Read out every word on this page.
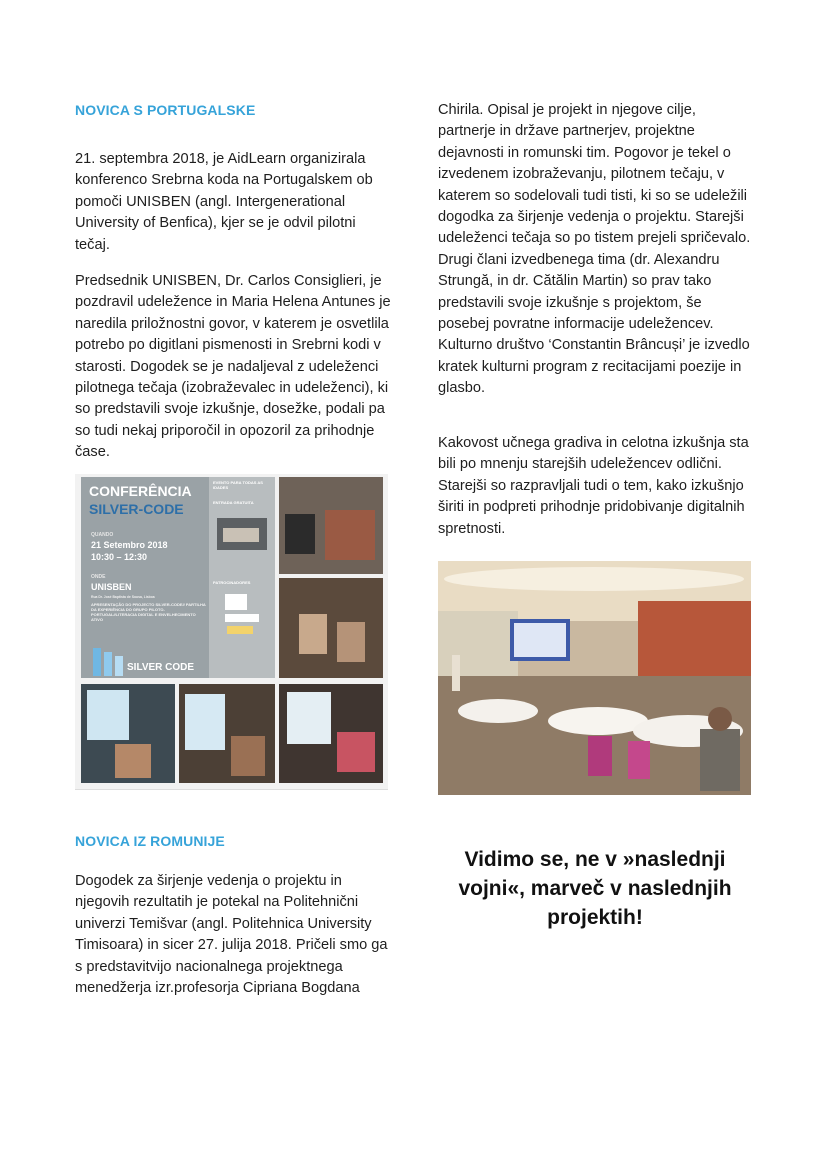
NOVICA S PORTUGALSKE

21. septembra 2018, je AidLearn organizirala konferenco Srebrna koda na Portugalskem ob pomoči UNISBEN (angl. Intergenerational University of Benfica), kjer se je odvil pilotni tečaj.

Predsednik UNISBEN, Dr. Carlos Consiglieri, je pozdravil udeležence in Maria Helena Antunes je naredila priložnostni govor, v katerem je osvetlila potrebo po digitlani pismenosti in Srebrni kodi v starosti. Dogodek se je nadaljeval z udeleženci pilotnega tečaja (izobraževalec in udeleženci), ki so predstavili svoje izkušnje, dosežke, podali pa so tudi nekaj priporočil in opozoril za prihodnje čase.

CONFERÊNCIA
SILVER-CODE
QUANDO
21 Setembro 2018
10:30 – 12:30
ONDE
UNISBEN
Rua Dr. José Baptista de Sousa, Lisboa
APRESENTAÇÃO DO PROJECTO SILVER-CODE// PARTILHA DA EXPERIÊNCIA DO GRUPO PILOTO-PORTUGAL//LITERACIA DIGITAL E ENVELHECIMENTO ATIVO
SILVER CODE
EVENTO PARA TODAS AS IDADES
ENTRADA GRATUITA
PATROCINADORES
NOVICA IZ ROMUNIJE

Dogodek za širjenje vedenja o projektu in njegovih rezultatih je potekal na Politehnični univerzi Temišvar (angl. Politehnica University Timisoara) in sicer 27. julija 2018. Pričeli smo ga s predstavitvijo nacionalnega projektnega menedžerja izr.profesorja Cipriana Bogdana

Chirila. Opisal je projekt in njegove cilje, partnerje in države partnerjev, projektne dejavnosti in romunski tim. Pogovor je tekel o izvedenem izobraževanju, pilotnem tečaju, v katerem so sodelovali tudi tisti, ki so se udeležili dogodka za širjenje vedenja o projektu. Starejši udeleženci tečaja so po tistem prejeli spričevalo. Drugi člani izvedbenega tima (dr. Alexandru Strungă, in dr. Cătălin Martin) so prav tako predstavili svoje izkušnje s projektom, še posebej povratne informacije udeležencev. Kulturno društvo ‘Constantin Brâncuși’ je izvedlo kratek kulturni program z recitacijami poezije in glasbo.

Kakovost učnega gradiva in celotna izkušnja sta bili po mnenju starejših udeležencev odlični. Starejši so razpravljali tudi o tem, kako izkušnjo širiti in podpreti prihodnje pridobivanje digitalnih spretnosti.

Vidimo se, ne v »naslednji vojni«, marveč v naslednjih projektih!
